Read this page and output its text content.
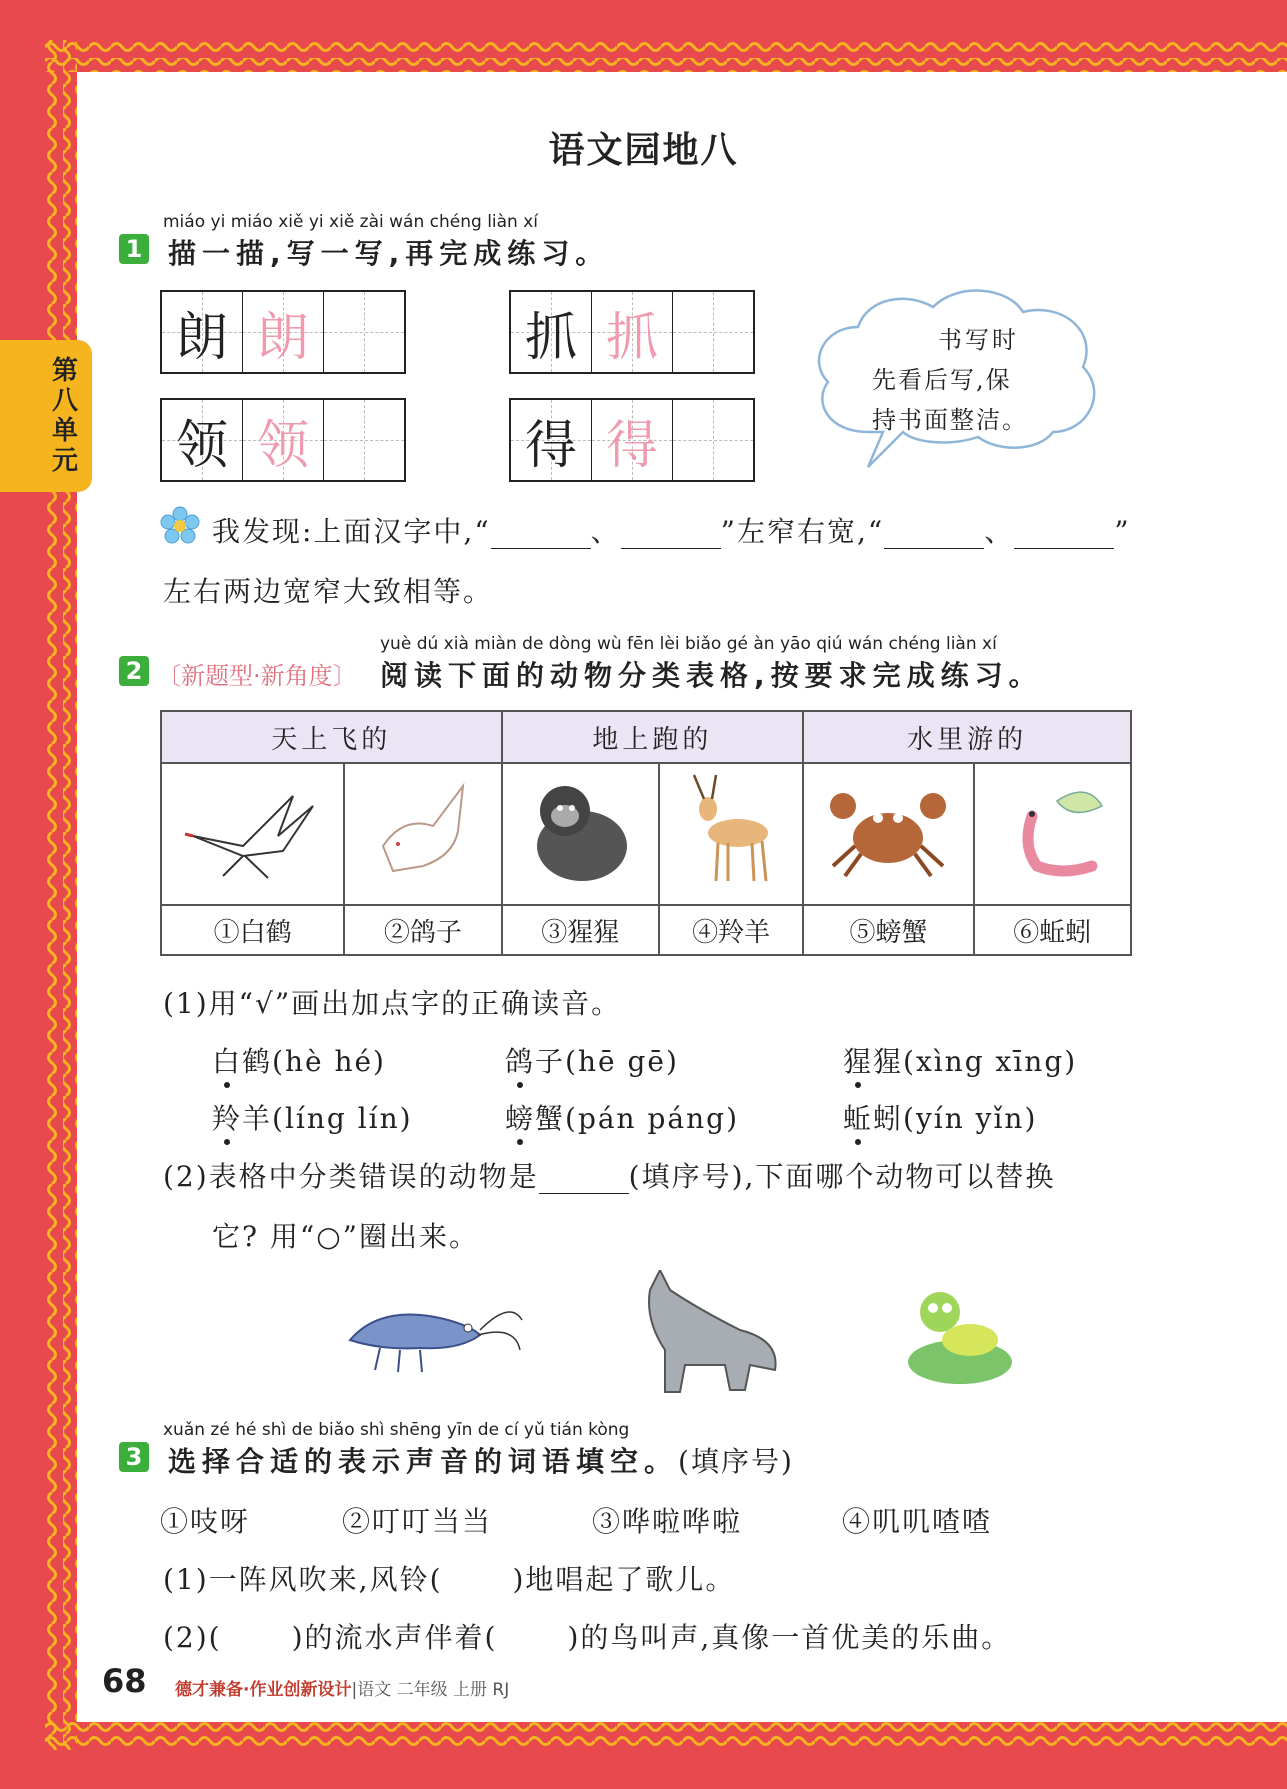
第八单元
语文园地八
miáo yi miáo xiě yi xiě zài wán chéng liàn xí
1 描一描,写一写,再完成练习。
朗 朗	抓 抓
领 领	得 得
书写时
先看后写,保
持书面整洁。
我发现:上面汉字中,“	、	”左窄右宽,“	、	”
左右两边宽窄大致相等。
yuè dú xià miàn de dòng wù fēn lèi biǎo gé àn yāo qiú wán chéng liàn xí
2 〔新题型·新角度〕 阅读下面的动物分类表格,按要求完成练习。
天上飞的		地上跑的		水里游的	

①白鹤	②鸽子	③猩猩	④羚羊	⑤螃蟹	⑥蚯蚓
(1)用“√”画出加点字的正确读音。
白鹤(hè hé)	鸽子(hē gē)	猩猩(xìng xīng)
羚羊(líng lín)	螃蟹(pán páng)	蚯蚓(yín yǐn)
(2)表格中分类错误的动物是	(填序号),下面哪个动物可以替换
它? 用“○”圈出来。
xuǎn zé hé shì de biǎo shì shēng yīn de cí yǔ tián kòng
3 选择合适的表示声音的词语填空。(填序号)
①吱呀	②叮叮当当	③哗啦哗啦	④叽叽喳喳
(1)一阵风吹来,风铃(	)地唱起了歌儿。
(2)(	)的流水声伴着(	)的鸟叫声,真像一首优美的乐曲。
68 德才兼备·作业创新设计|语文 二年级 上册 RJ
